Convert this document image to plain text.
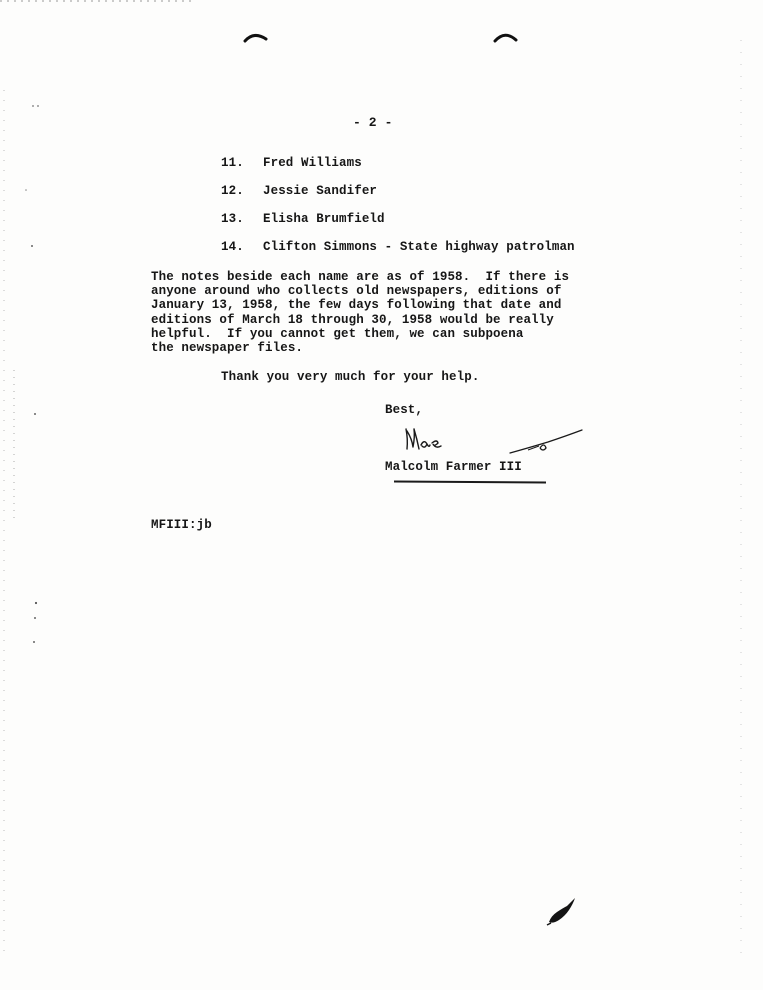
- 2 -
11. Fred Williams
12. Jessie Sandifer
13. Elisha Brumfield
14. Clifton Simmons - State highway patrolman
The notes beside each name are as of 1958.  If there is
anyone around who collects old newspapers, editions of
January 13, 1958, the few days following that date and
editions of March 18 through 30, 1958 would be really
helpful.  If you cannot get them, we can subpoena
the newspaper files.
Thank you very much for your help.
Best,
Malcolm Farmer III
MFIII:jb
